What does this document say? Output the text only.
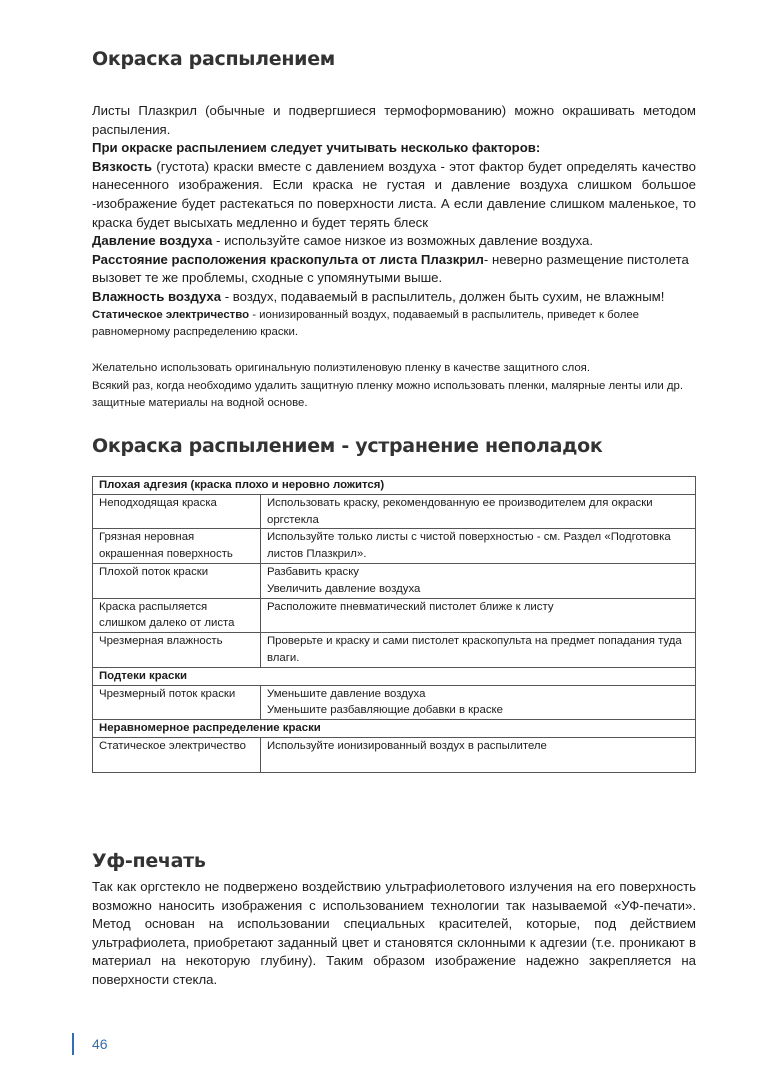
Окраска распылением

Листы Плазкрил (обычные и подвергшиеся термоформованию) можно окрашивать методом распыления.

При окраске распылением следует учитывать несколько факторов:

Вязкость (густота) краски вместе с давлением воздуха - этот фактор будет определять качество нанесенного изображения. Если краска не густая и давление воздуха слишком большое -изображение будет растекаться по поверхности листа. А если давление слишком маленькое, то краска будет высыхать медленно и будет терять блеск

Давление воздуха - используйте самое низкое из возможных давление воздуха.

Расстояние расположения краскопульта от листа Плазкрил- неверно размещение пистолета вызовет те же проблемы, сходные с упомянутыми выше.

Влажность воздуха - воздух, подаваемый в распылитель, должен быть сухим, не влажным!

Статическое электричество - ионизированный воздух, подаваемый в распылитель, приведет к более равномерному распределению краски.

Желательно использовать оригинальную полиэтиленовую пленку в качестве защитного слоя.

Всякий раз, когда необходимо удалить защитную пленку можно использовать пленки, малярные ленты или др. защитные материалы на водной основе.

Окраска распылением - устранение неполадок
Плохая адгезия (краска плохо и неровно ложится)	
Неподходящая краска	Использовать краску, рекомендованную ее производителем для окраски оргстекла
Грязная неровная окрашенная поверхность	Используйте только листы с чистой поверхностью - см. Раздел «Подготовка листов Плазкрил».
Плохой поток краски	Разбавить краску
Увеличить давление воздуха

Краска распыляется слишком далеко от листа	Расположите пневматический пистолет ближе к листу
Чрезмерная влажность	Проверьте и краску и сами пистолет краскопульта на предмет попадания туда влаги.
Подтеки краски	
Чрезмерный поток краски	Уменьшите давление воздуха
Уменьшите разбавляющие добавки в краске

Неравномерное распределение краски	
Статическое электричество	Используйте ионизированный воздух в распылителе
Уф-печать

Так как оргстекло не подвержено воздействию ультрафиолетового излучения на его поверхность возможно наносить изображения с использованием технологии так называемой «УФ-печати». Метод основан на использовании специальных красителей, которые, под действием ультрафиолета, приобретают заданный цвет и становятся склонными к адгезии (т.е. проникают в материал на некоторую глубину). Таким образом изображение надежно закрепляется на поверхности стекла.

46
